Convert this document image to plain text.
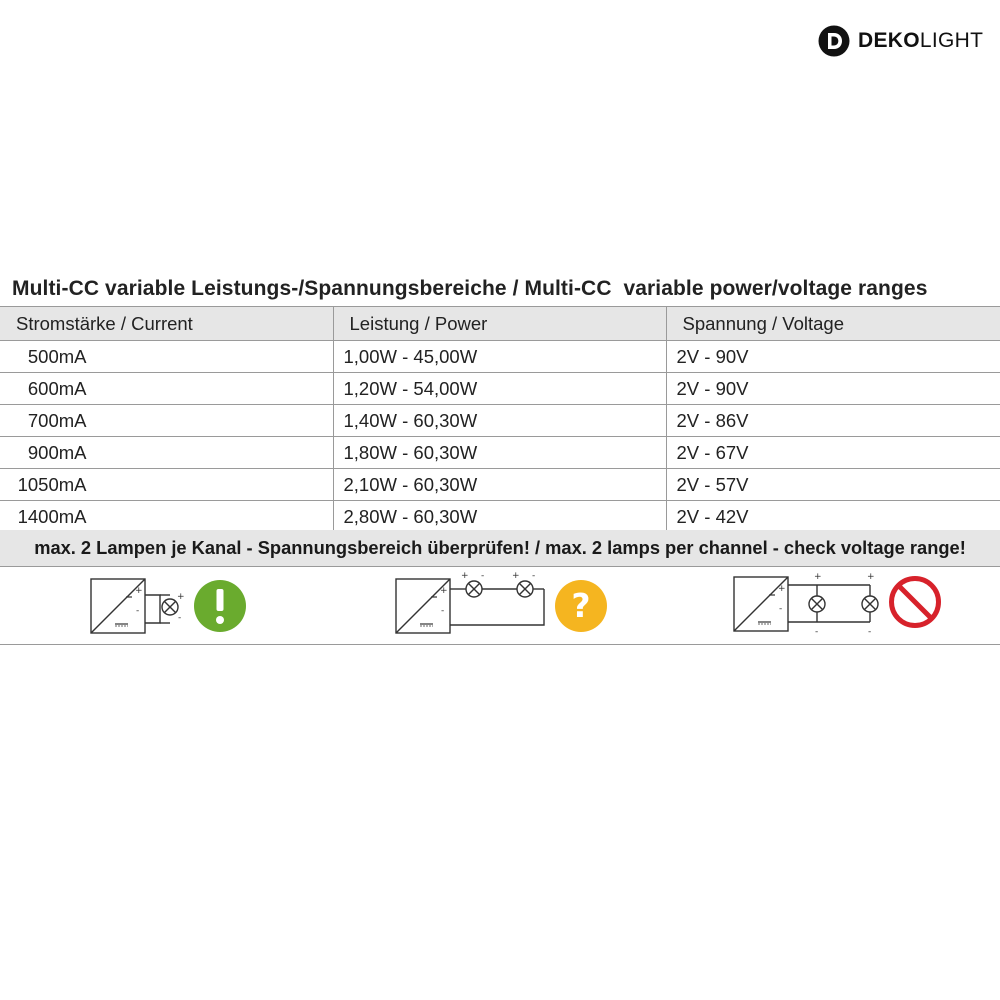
DEKOLIGHT
Multi-CC variable Leistungs-/Spannungsbereiche / Multi-CC  variable power/voltage ranges
Stromstärke / Current	Leistung / Power	Spannung / Voltage
500mA	1,00W - 45,00W	2V - 90V
600mA	1,20W - 54,00W	2V - 90V
700mA	1,40W - 60,30W	2V - 86V
900mA	1,80W - 60,30W	2V - 67V
1050mA	2,10W - 60,30W	2V - 57V
1400mA	2,80W - 60,30W	2V - 42V
max. 2 Lampen je Kanal - Spannungsbereich überprüfen! / max. 2 lamps per channel - check voltage range!
+
-
+
-
+
-
+ -	+ -
?	+
-
+	+
-	-
